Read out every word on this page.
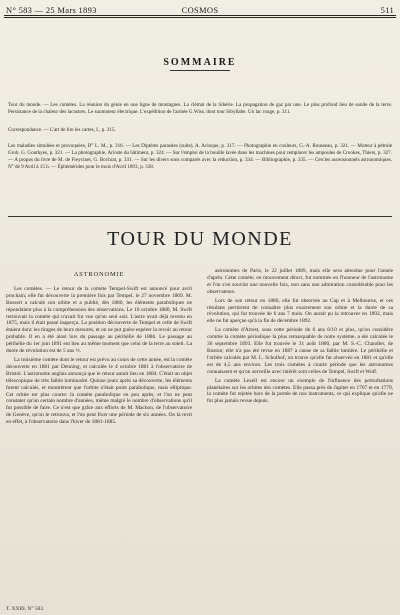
N° 583 — 25 Mars 1893	COSMOS	511
SOMMAIRE
Tour du monde. — Les comètes. La réunion du génie en une ligne de montagnes. La clémat de la Sibérie. La propagation de gaz par une. Le plus profond lieu de sonde de la terre. Persistance de la chaleur des lacustres. Le sunmoteur électrique. L'expédition de l'armée G.Wiss. dont tour Sibyllabe. Un lac rouge, p. 311.
Correspondance. — L'art de lire les cartes, I., p. 315.
Les maladies simulées et provoquées, D° L. M., p. 316. — Les Diptères parasites (suite), A. Acloque, p. 317. — Photographie en couleurs, G.-A. Rousseau, p. 321. — Moteur à pétrole Grob. G. Gouthyes, p. 321. — La photographie, Arioste du bâtiment, p. 324. — Sur l'emploi de la houille lavée dans les machines pour remplacer les ampoules de Crookes, Thiers, p. 327. — A propos du livre de M. de Freycinet, G. Bochrat, p. 331. — Sur les divers sons comparés avec la réduction, p. 334. — Bibliographie, p. 335. — Cercles ascensionnels astronomiques. N° de 9 Avril à 15 h. — Éphémérides pour le mois d'Avril 1893, p. 338.
TOUR DU MONDE
ASTRONOMIE

Les comètes. — Le retour de la comète Tempel-Swift est annoncé pour avril prochain; elle fut découverte la première fois par Tempel, le 27 novembre 1869. M. Bossert a calculé son orbite et a publié, dès 1880, les éléments paraboliques ne répondaient plus à la compréhension des observations. Le 10 octobre 1880, M. Swift retrouvait la comète qui n'avait fut vue qu'un seul soir. L'astre avait déjà revenu en 1875, mais il était passé inaperçu. La position découverte de Tempel et celle de Swift étaient donc les tirages de leurs mesures, et on ne put guère espérer la revoir au retour probable. Il en a été ainsi lors du passage au périhélie de 1886. Le passage au périhélie du 1er juin 1891 eut lieu au même moment que celui de la terre au soleil. La durée de révolution est de 5 ans ½.

La troisième comète dont le retour est prévu au cours de cette année, est la comète découverte en 1881 par Denning, et calculée le 4 octobre 1881 à l'observatoire de Bristol. L'astronome anglais annonça que le retour aurait lieu en 1884. C'était un objet télescopique de très faible luminosité. Quinze jours après sa découverte, les éléments furent calculés, et montrèrent que l'orbite n'était point parabolique, mais elliptique. Cet orbite est plus courte: la comète parabolique en peu après, et l'on ne peut constater qu'un certain nombre d'années, même malgré le nombre d'observations qu'il fut possible de faire. Ce n'est que grâce aux efforts de M. Machon, de l'observatoire de Genève, qu'on le retrouva, et l'on peut fixer une période de six années. On la revit en effet, à l'observatoire dans l'hiver de 1881-1885.

astronomes de Paris, le 22 juillet 1889, mais elle sera attendue pour l'année d'après. Cette comète, en mouvement direct, fut nommée en l'honneur de l'astronome et l'on s'en souvint une nouvelle fois, non sans une admiration considérable pour les observateurs.

Lors de son retour en 1886, elle fut observée au Cap et à Melbourne, et ces résultats permirent de connaître plus exactement son orbite et la durée de sa révolution, qui fut trouvée de 6 ans 7 mois. On aurait pu la retrouver en 1892, mais elle ne fut aperçue qu'à la fin de décembre 1892.

La comète d'Arrest, sous cette période de 6 ans 6/10 et plus, qu'on considère comme la comète périodique la plus remarquable de notre système, a été calculée le 30 septembre 1893. Elle fut trouvée le 31 août 1880, par M. S.-C. Chandler, de Boston; elle n'a pas été revue en 1887 à cause de sa faible lumière. Le périhélie et l'orbite calculés par M. L. Schulhof, on trouve qu'elle fut observée en 1881 et qu'elle est de 4,5 ans environ. Les trois comètes à courte période que les astronomes connaissent et qu'on surveille avec intérêt sont celles de Tempel, Swift et Wolf.

La comète Lexell est encore un exemple de l'influence des perturbations planétaires sur les orbites des comètes. Elle passa près de Jupiter en 1767 et en 1779, la comète fut rejetée hors de la portée de nos instruments, ce qui explique qu'elle ne fut plus jamais revue depuis.

T. XXIII. N° 583.
